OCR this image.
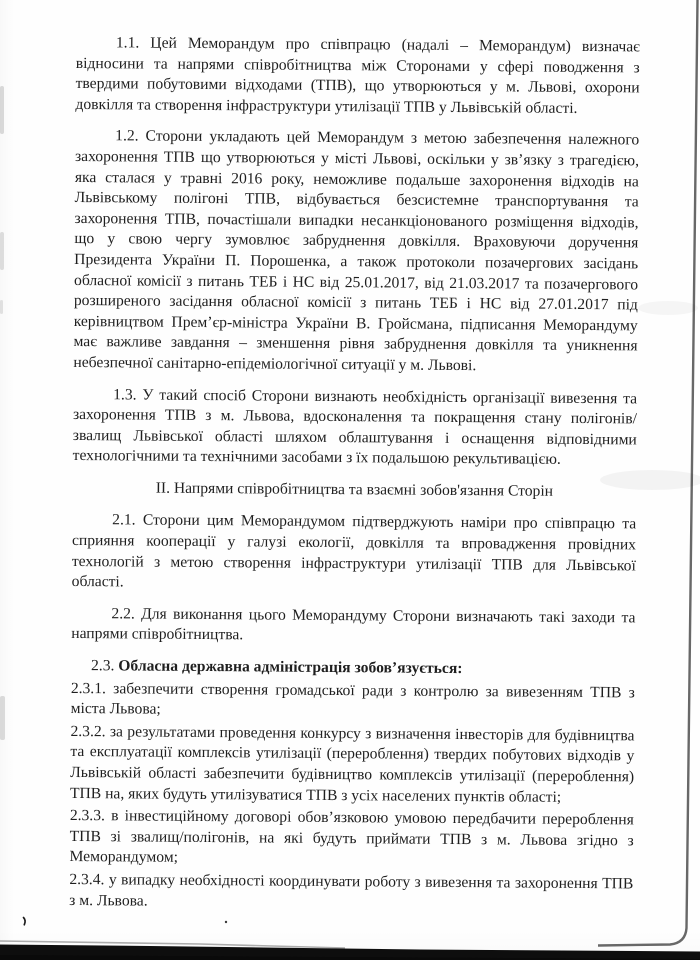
1.1. Цей Меморандум про співпрацю (надалі – Меморандум) визначає відносини та напрями співробітництва між Сторонами у сфері поводження з твердими побутовими відходами (ТПВ), що утворюються у м. Львові, охорони довкілля та створення інфраструктури утилізації ТПВ у Львівській області.

1.2. Сторони укладають цей Меморандум з метою забезпечення належного захоронення ТПВ що утворюються у місті Львові, оскільки у зв’язку з трагедією, яка сталася у травні 2016 року, неможливе подальше захоронення відходів на Львівському полігоні ТПВ, відбувається безсистемне транспортування та захоронення ТПВ, почастішали випадки несанкціонованого розміщення відходів, що у свою чергу зумовлює забруднення довкілля. Враховуючи доручення Президента України П. Порошенка, а також протоколи позачергових засідань обласної комісії з питань ТЕБ і НС від 25.01.2017, від 21.03.2017 та позачергового розширеного засідання обласної комісії з питань ТЕБ і НС від 27.01.2017 під керівництвом Прем’єр-міністра України В. Гройсмана, підписання Меморандуму має важливе завдання – зменшення рівня забруднення довкілля та уникнення небезпечної санітарно-епідеміологічної ситуації у м. Львові.

1.3. У такий спосіб Сторони визнають необхідність організації вивезення та захоронення ТПВ з м. Львова, вдосконалення та покращення стану полігонів/звалищ Львівської області шляхом облаштування і оснащення відповідними технологічними та технічними засобами з їх подальшою рекультивацією.

II. Напрями співробітництва та взаємні зобов'язання Сторін

2.1. Сторони цим Меморандумом підтверджують наміри про співпрацю та сприяння кооперації у галузі екології, довкілля та впровадження провідних технологій з метою створення інфраструктури утилізації ТПВ для Львівської області.

2.2. Для виконання цього Меморандуму Сторони визначають такі заходи та напрями співробітництва.

2.3. Обласна державна адміністрація зобов’язується:

2.3.1. забезпечити створення громадської ради з контролю за вивезенням ТПВ з міста Львова;

2.3.2. за результатами проведення конкурсу з визначення інвесторів для будівництва та експлуатації комплексів утилізації (перероблення) твердих побутових відходів у Львівській області забезпечити будівництво комплексів утилізації (перероблення) ТПВ на, яких будуть утилізуватися ТПВ з усіх населених пунктів області;

2.3.3. в інвестиційному договорі обов’язковою умовою передбачити перероблення ТПВ зі звалищ/полігонів, на які будуть приймати ТПВ з м. Львова згідно з Меморандумом;

2.3.4. у випадку необхідності координувати роботу з вивезення та захоронення ТПВ з м. Львова.
